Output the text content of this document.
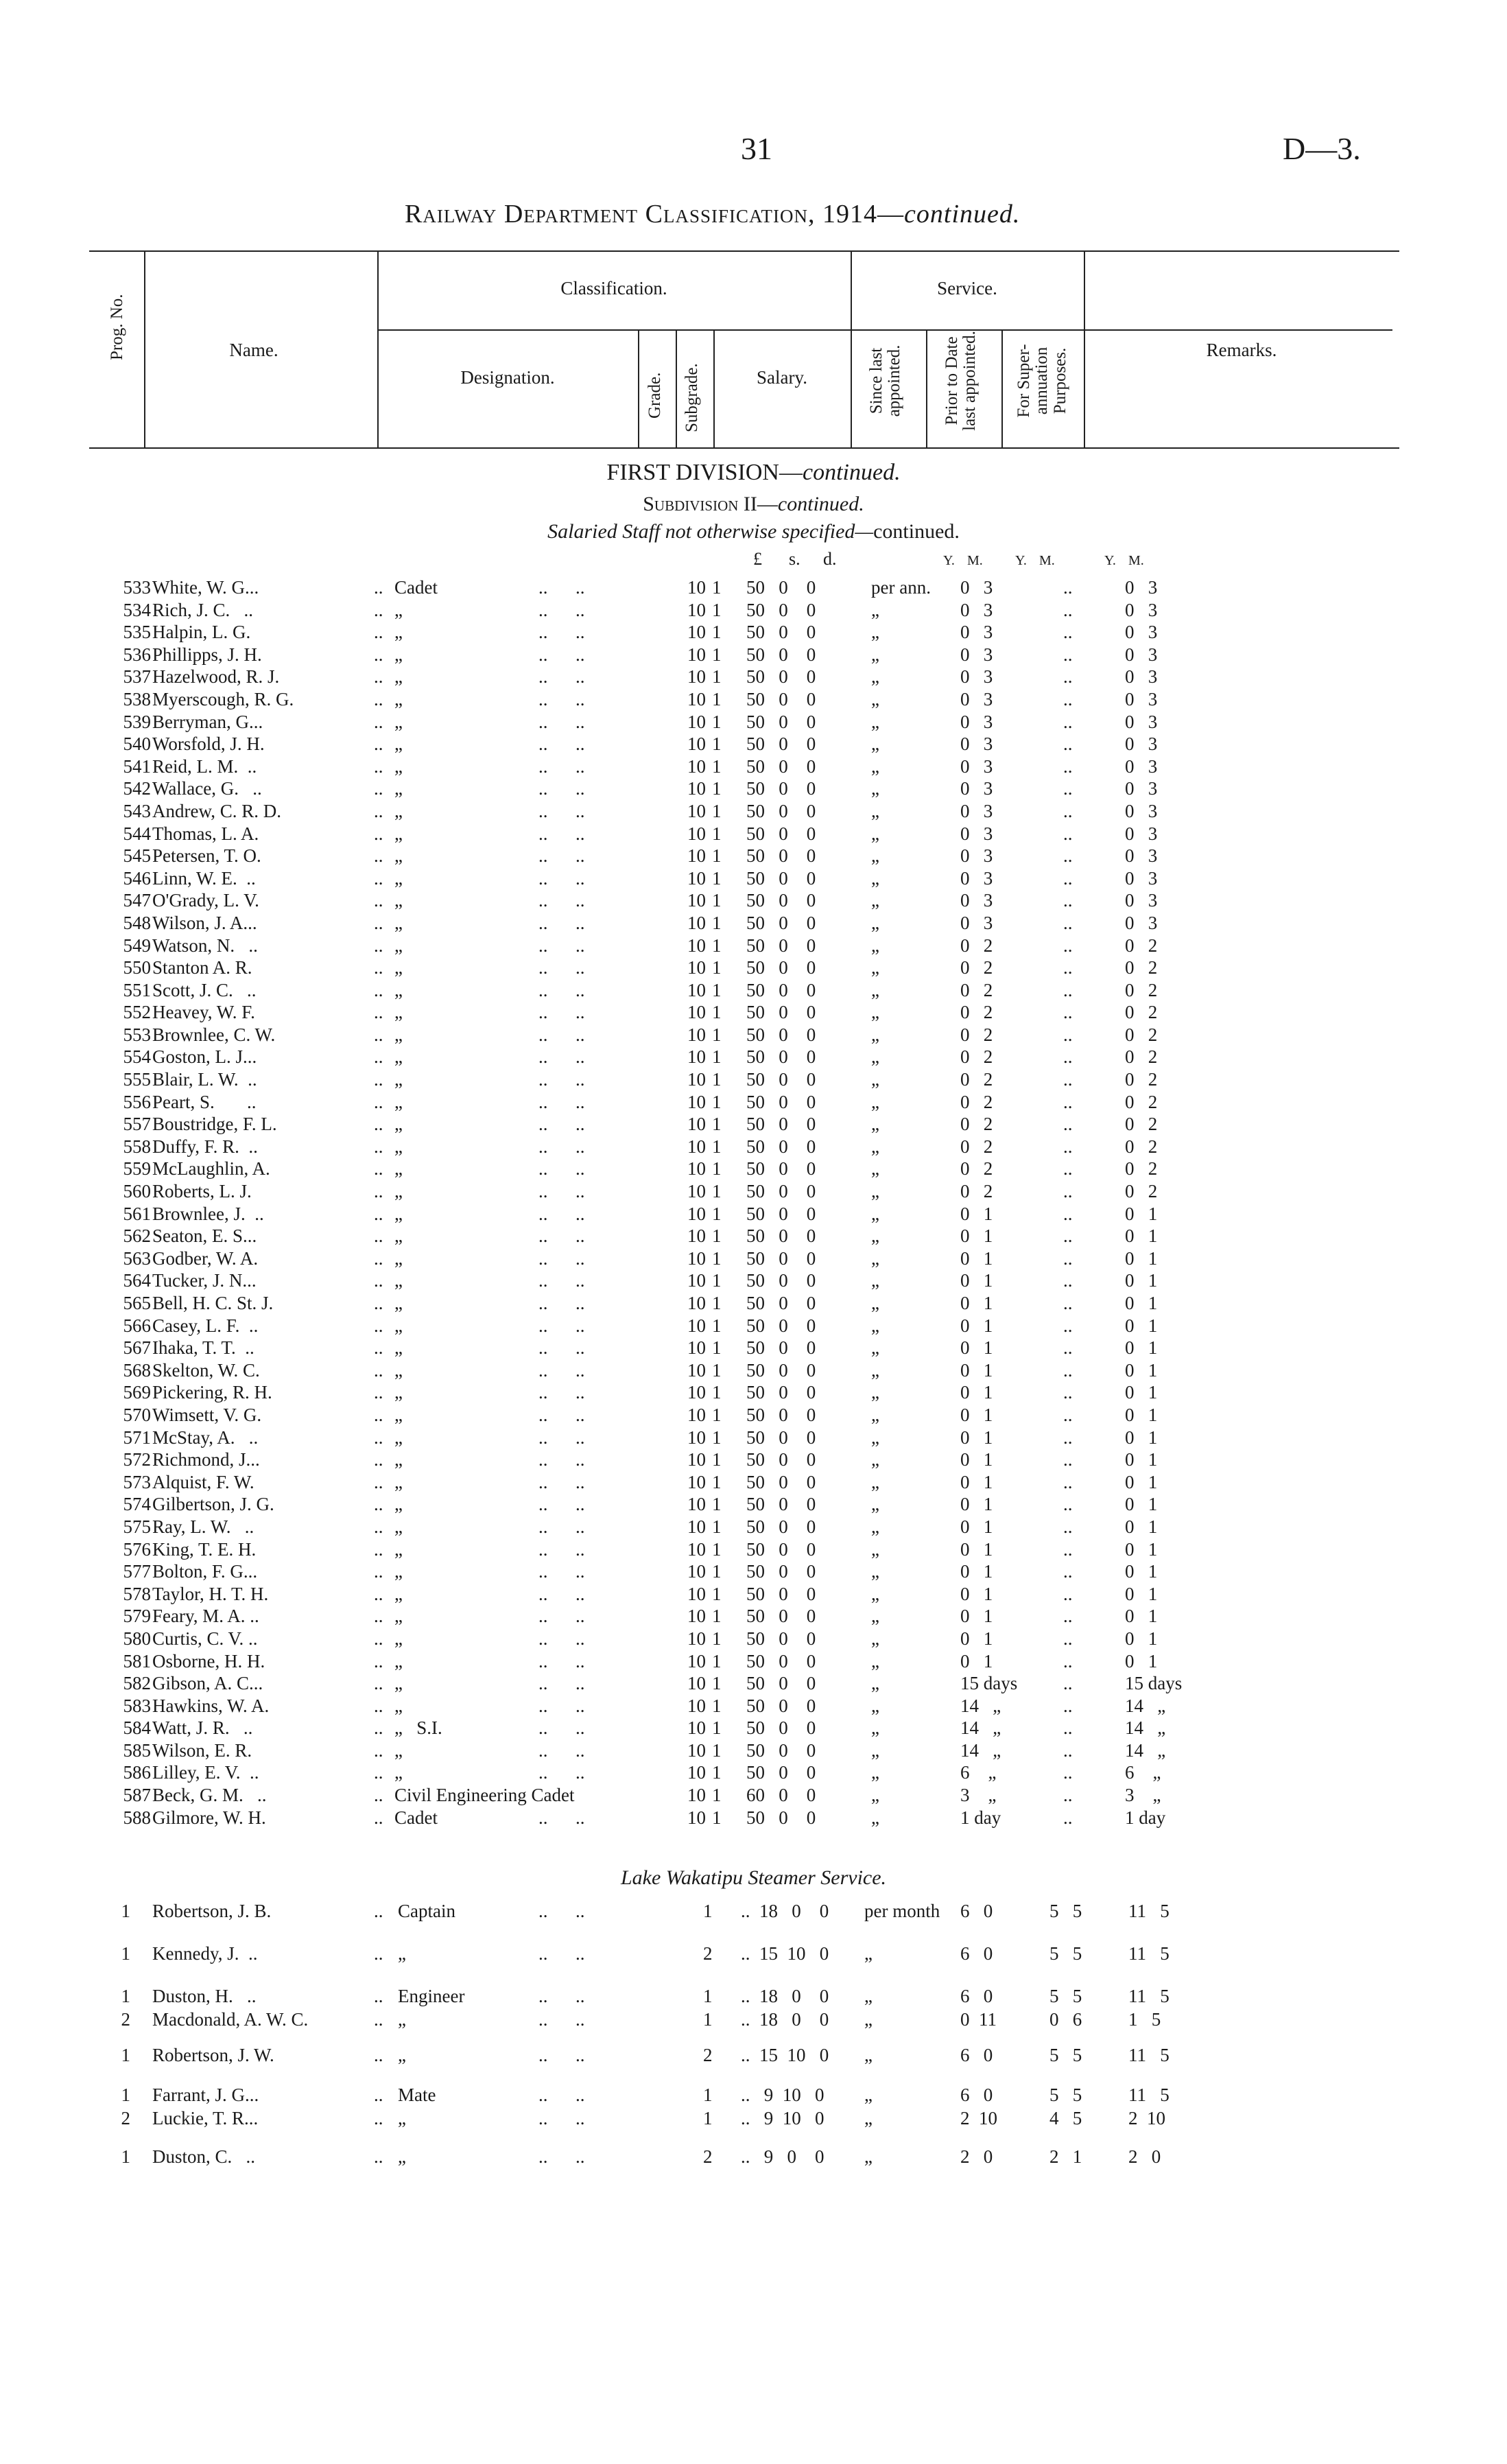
31	D—3.
Railway Department Classification, 1914—continued.
Prog. No.	Name.
Classification.	Service.
Designation.	Grade. Subgrade.	Salary.	Since last appointed. Prior to Date last appointed. For Super-annuation Purposes.	Remarks.
FIRST DIVISION—continued.
Subdivision II—continued.
Salaried Staff not otherwise specified—continued.
£ s. d.	Y. M. Y. M.	Y. M.
533 White, W. G...	.. Cadet	..      ..	10 1 50   0    0	per ann. 0   3	..	0   3
534 Rich, J. C.   ..	.. „	..      ..	10 1 50   0    0	„	0   3	..	0   3
535 Halpin, L. G.	.. „	..      ..	10 1 50   0    0	„	0   3	..	0   3
536 Phillipps, J. H.	.. „	..      ..	10 1 50   0    0	„	0   3	..	0   3
537 Hazelwood, R. J.	.. „	..      ..	10 1 50   0    0	„	0   3	..	0   3
538 Myerscough, R. G.	.. „	..      ..	10 1 50   0    0	„	0   3	..	0   3
539 Berryman, G...	.. „	..      ..	10 1 50   0    0	„	0   3	..	0   3
540 Worsfold, J. H.	.. „	..      ..	10 1 50   0    0	„	0   3	..	0   3
541 Reid, L. M.  ..	.. „	..      ..	10 1 50   0    0	„	0   3	..	0   3
542 Wallace, G.   ..	.. „	..      ..	10 1 50   0    0	„	0   3	..	0   3
543 Andrew, C. R. D.	.. „	..      ..	10 1 50   0    0	„	0   3	..	0   3
544 Thomas, L. A.	.. „	..      ..	10 1 50   0    0	„	0   3	..	0   3
545 Petersen, T. O.	.. „	..      ..	10 1 50   0    0	„	0   3	..	0   3
546 Linn, W. E.  ..	.. „	..      ..	10 1 50   0    0	„	0   3	..	0   3
547 O'Grady, L. V.	.. „	..      ..	10 1 50   0    0	„	0   3	..	0   3
548 Wilson, J. A...	.. „	..      ..	10 1 50   0    0	„	0   3	..	0   3
549 Watson, N.   ..	.. „	..      ..	10 1 50   0    0	„	0   2	..	0   2
550 Stanton A. R.	.. „	..      ..	10 1 50   0    0	„	0   2	..	0   2
551 Scott, J. C.   ..	.. „	..      ..	10 1 50   0    0	„	0   2	..	0   2
552 Heavey, W. F.	.. „	..      ..	10 1 50   0    0	„	0   2	..	0   2
553 Brownlee, C. W.	.. „	..      ..	10 1 50   0    0	„	0   2	..	0   2
554 Goston, L. J...	.. „	..      ..	10 1 50   0    0	„	0   2	..	0   2
555 Blair, L. W.  ..	.. „	..      ..	10 1 50   0    0	„	0   2	..	0   2
556 Peart, S.       ..	.. „	..      ..	10 1 50   0    0	„	0   2	..	0   2
557 Boustridge, F. L.	.. „	..      ..	10 1 50   0    0	„	0   2	..	0   2
558 Duffy, F. R.  ..	.. „	..      ..	10 1 50   0    0	„	0   2	..	0   2
559 McLaughlin, A.	.. „	..      ..	10 1 50   0    0	„	0   2	..	0   2
560 Roberts, L. J.	.. „	..      ..	10 1 50   0    0	„	0   2	..	0   2
561 Brownlee, J.  ..	.. „	..      ..	10 1 50   0    0	„	0   1	..	0   1
562 Seaton, E. S...	.. „	..      ..	10 1 50   0    0	„	0   1	..	0   1
563 Godber, W. A.	.. „	..      ..	10 1 50   0    0	„	0   1	..	0   1
564 Tucker, J. N...	.. „	..      ..	10 1 50   0    0	„	0   1	..	0   1
565 Bell, H. C. St. J.	.. „	..      ..	10 1 50   0    0	„	0   1	..	0   1
566 Casey, L. F.  ..	.. „	..      ..	10 1 50   0    0	„	0   1	..	0   1
567 Ihaka, T. T.  ..	.. „	..      ..	10 1 50   0    0	„	0   1	..	0   1
568 Skelton, W. C.	.. „	..      ..	10 1 50   0    0	„	0   1	..	0   1
569 Pickering, R. H.	.. „	..      ..	10 1 50   0    0	„	0   1	..	0   1
570 Wimsett, V. G.	.. „	..      ..	10 1 50   0    0	„	0   1	..	0   1
571 McStay, A.   ..	.. „	..      ..	10 1 50   0    0	„	0   1	..	0   1
572 Richmond, J...	.. „	..      ..	10 1 50   0    0	„	0   1	..	0   1
573 Alquist, F. W.	.. „	..      ..	10 1 50   0    0	„	0   1	..	0   1
574 Gilbertson, J. G.	.. „	..      ..	10 1 50   0    0	„	0   1	..	0   1
575 Ray, L. W.   ..	.. „	..      ..	10 1 50   0    0	„	0   1	..	0   1
576 King, T. E. H.	.. „	..      ..	10 1 50   0    0	„	0   1	..	0   1
577 Bolton, F. G...	.. „	..      ..	10 1 50   0    0	„	0   1	..	0   1
578 Taylor, H. T. H.	.. „	..      ..	10 1 50   0    0	„	0   1	..	0   1
579 Feary, M. A. ..	.. „	..      ..	10 1 50   0    0	„	0   1	..	0   1
580 Curtis, C. V. ..	.. „	..      ..	10 1 50   0    0	„	0   1	..	0   1
581 Osborne, H. H.	.. „	..      ..	10 1 50   0    0	„	0   1	..	0   1
582 Gibson, A. C...	.. „	..      ..	10 1 50   0    0	„	15 days ..	15 days
583 Hawkins, W. A.	.. „	..      ..	10 1 50   0    0	„	14   „	..	14   „
584 Watt, J. R.   ..	.. „   S.I.	..      ..	10 1 50   0    0	„	14   „	..	14   „
585 Wilson, E. R.	.. „	..      ..	10 1 50   0    0	„	14   „	..	14   „
586 Lilley, E. V.  ..	.. „	..      ..	10 1 50   0    0	„	6    „	..	6    „
587 Beck, G. M.   ..	.. Civil Engineering Cadet	10 1 60   0    0	„	3    „	..	3    „
588 Gilmore, W. H.	.. Cadet	..      ..	10 1 50   0    0	„	1 day	..	1 day
Lake Wakatipu Steamer Service.
1 Robertson, J. B.	.. Captain	..      ..	1 ..  18   0    0 per month 6   0	5   5	11   5
1 Kennedy, J.  ..	.. „	..      ..	2 ..  15  10   0 „	6   0	5   5	11   5
1 Duston, H.   ..	.. Engineer	..      ..	1 ..  18   0    0 „	6   0	5   5	11   5
2 Macdonald, A. W. C.	.. „	..      ..	1 ..  18   0    0 „	0  11	0   6	1   5
1 Robertson, J. W.	.. „	..      ..	2 ..  15  10   0 „	6   0	5   5	11   5
1 Farrant, J. G...	.. Mate	..      ..	1 ..   9  10   0 „	6   0	5   5	11   5
2 Luckie, T. R...	.. „	..      ..	1 ..   9  10   0 „	2  10	4   5	2  10
1 Duston, C.   ..	.. „	..      ..	2 ..   9   0    0 „	2   0	2   1	2   0
